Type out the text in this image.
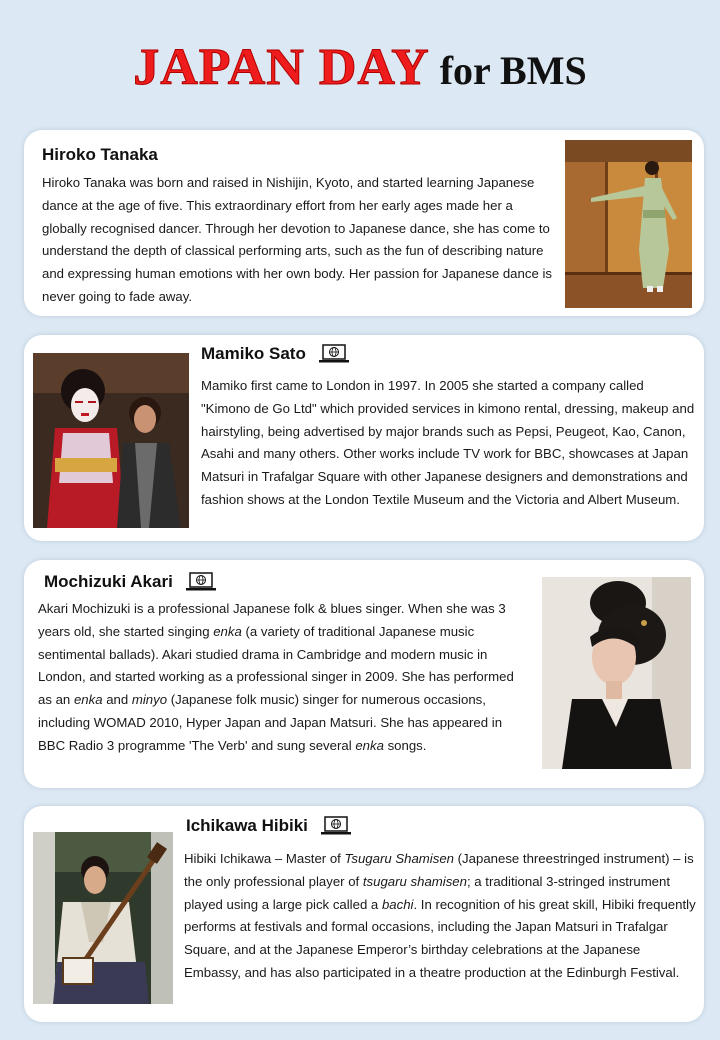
JAPAN DAY for BMS
Hiroko Tanaka
Hiroko Tanaka was born and raised in Nishijin, Kyoto, and started learning Japanese dance at the age of five. This extraordinary effort from her early ages made her a globally recognised dancer. Through her devotion to Japanese dance, she has come to understand the depth of classical performing arts, such as the fun of describing nature and expressing human emotions with her own body. Her passion for Japanese dance is never going to fade away.
Mamiko Sato
Mamiko first came to London in 1997. In 2005 she started a company called "Kimono de Go Ltd" which provided services in kimono rental, dressing, makeup and hairstyling, being advertised by major brands such as Pepsi, Peugeot, Kao, Canon, Asahi and many others. Other works include TV work for BBC, showcases at Japan Matsuri in Trafalgar Square with other Japanese designers and demonstrations and fashion shows at the London Textile Museum and the Victoria and Albert Museum.
Mochizuki Akari
Akari Mochizuki is a professional Japanese folk & blues singer. When she was 3 years old, she started singing enka (a variety of traditional Japanese music sentimental ballads). Akari studied drama in Cambridge and modern music in London, and started working as a professional singer in 2009. She has performed as an enka and minyo (Japanese folk music) singer for numerous occasions, including WOMAD 2010, Hyper Japan and Japan Matsuri. She has appeared in BBC Radio 3 programme 'The Verb' and sung several enka songs.
Ichikawa Hibiki
Hibiki Ichikawa – Master of Tsugaru Shamisen (Japanese threestringed instrument) – is the only professional player of tsugaru shamisen; a traditional 3-stringed instrument played using a large pick called a bachi. In recognition of his great skill, Hibiki frequently performs at festivals and formal occasions, including the Japan Matsuri in Trafalgar Square, and at the Japanese Emperor’s birthday celebrations at the Japanese Embassy, and has also participated in a theatre production at the Edinburgh Festival.
